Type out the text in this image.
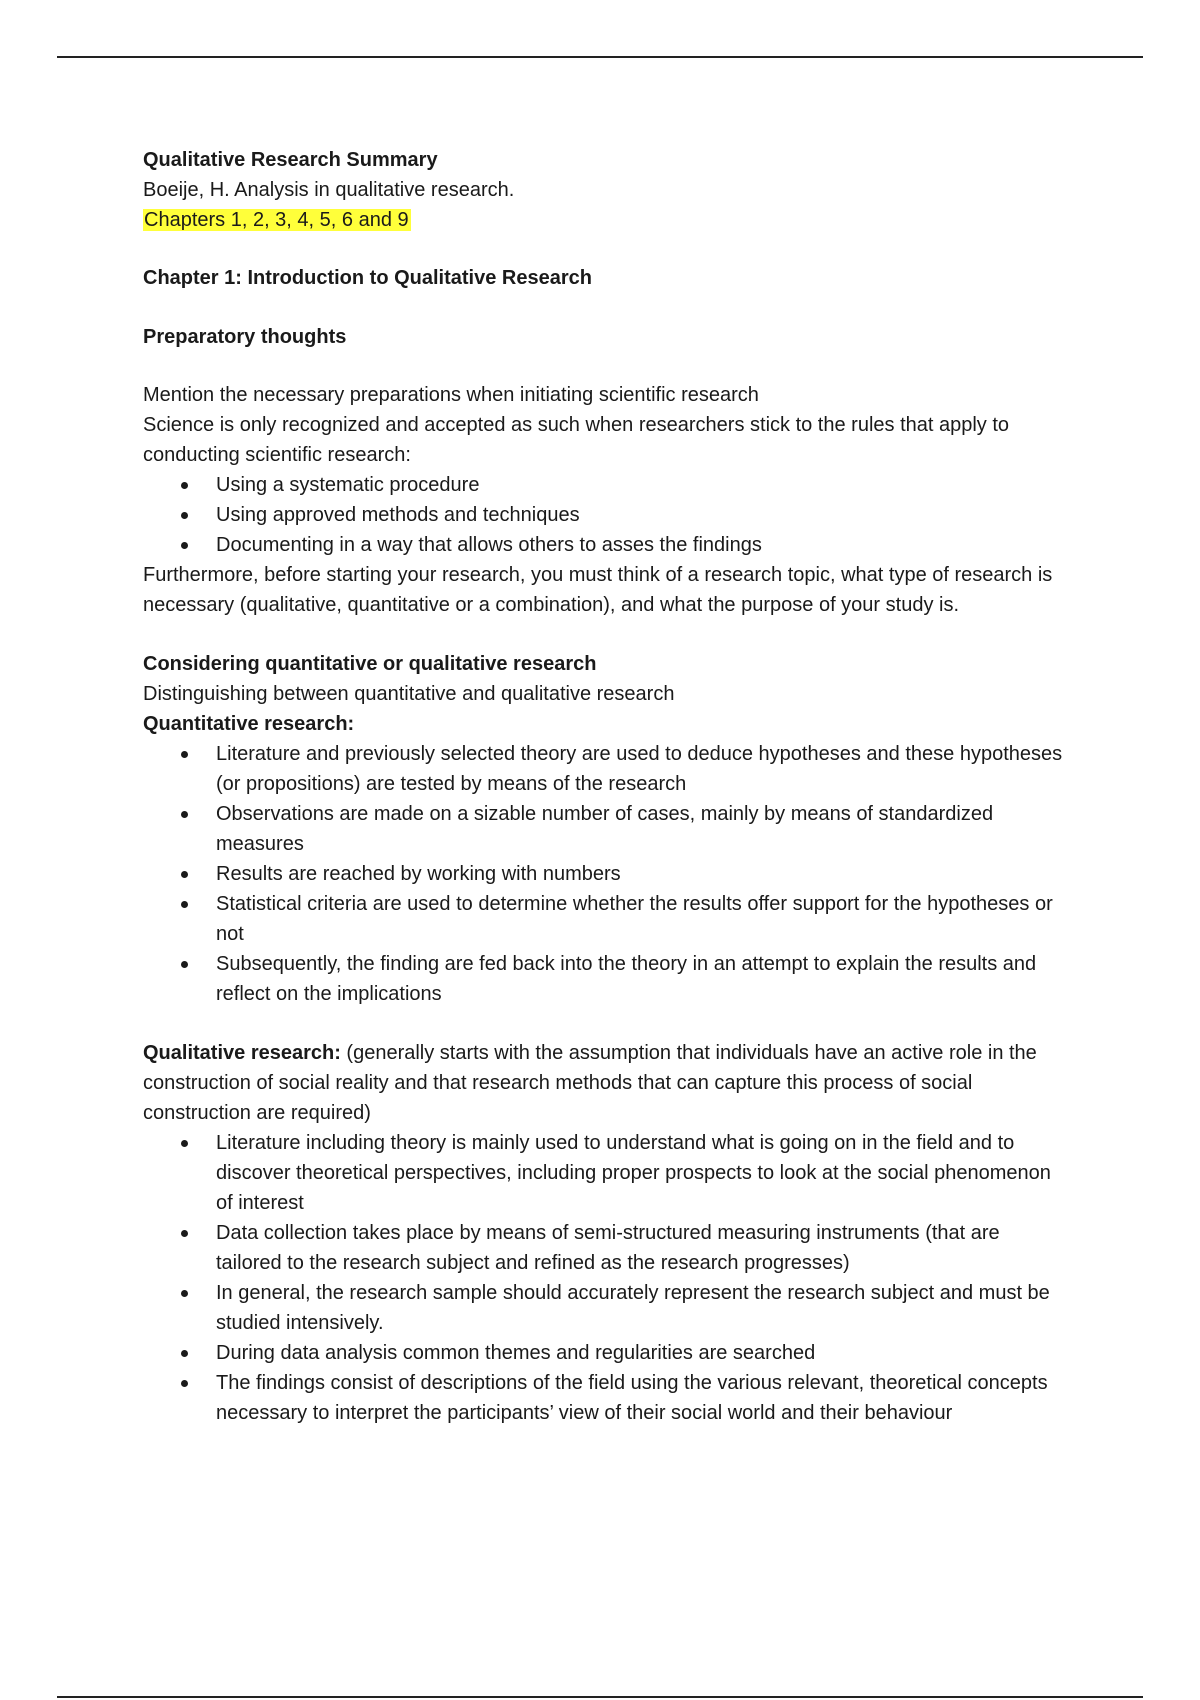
Qualitative Research Summary

Boeije, H. Analysis in qualitative research.

Chapters 1, 2, 3, 4, 5, 6 and 9

Chapter 1: Introduction to Qualitative Research

Preparatory thoughts

Mention the necessary preparations when initiating scientific research

Science is only recognized and accepted as such when researchers stick to the rules that apply to conducting scientific research:

Using a systematic procedure
Using approved methods and techniques
Documenting in a way that allows others to asses the findings

Furthermore, before starting your research, you must think of a research topic, what type of research is necessary (qualitative, quantitative or a combination), and what the purpose of your study is.

Considering quantitative or qualitative research

Distinguishing between quantitative and qualitative research

Quantitative research:

Literature and previously selected theory are used to deduce hypotheses and these hypotheses (or propositions) are tested by means of the research
Observations are made on a sizable number of cases, mainly by means of standardized measures
Results are reached by working with numbers
Statistical criteria are used to determine whether the results offer support for the hypotheses or not
Subsequently, the finding are fed back into the theory in an attempt to explain the results and reflect on the implications

Qualitative research: (generally starts with the assumption that individuals have an active role in the construction of social reality and that research methods that can capture this process of social construction are required)

Literature including theory is mainly used to understand what is going on in the field and to discover theoretical perspectives, including proper prospects to look at the social phenomenon of interest
Data collection takes place by means of semi-structured measuring instruments (that are tailored to the research subject and refined as the research progresses)
In general, the research sample should accurately represent the research subject and must be studied intensively.
During data analysis common themes and regularities are searched
The findings consist of descriptions of the field using the various relevant, theoretical concepts necessary to interpret the participants’ view of their social world and their behaviour
